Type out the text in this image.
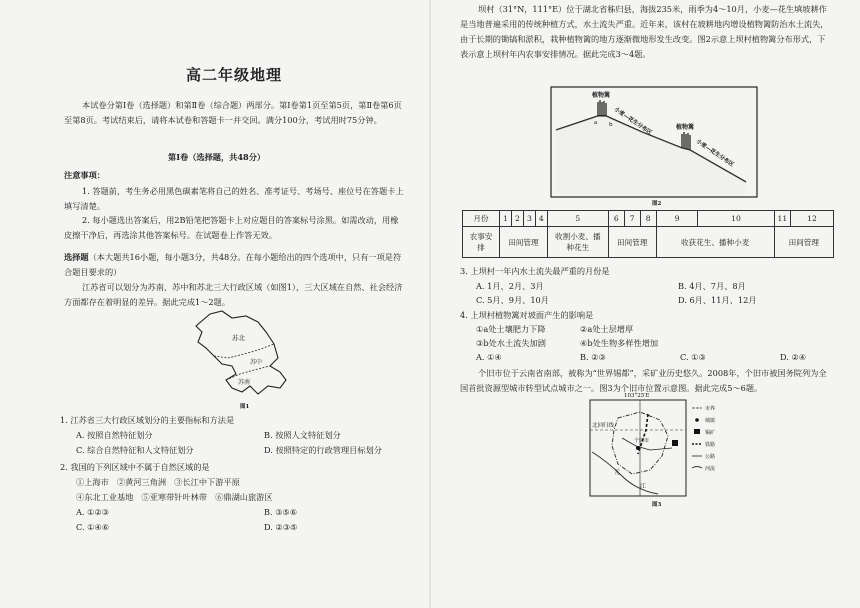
高二年级地理
本试卷分第Ⅰ卷（选择题）和第Ⅱ卷（综合题）两部分。第Ⅰ卷第1页至第5页，第Ⅱ卷第6页至第8页。考试结束后，请将本试卷和答题卡一并交回。满分100分，考试用时75分钟。
第Ⅰ卷（选择题，共48分）
注意事项：
1. 答题前，考生务必用黑色碳素笔将自己的姓名、准考证号、考场号、座位号在答题卡上填写清楚。
2. 每小题选出答案后，用2B铅笔把答题卡上对应题目的答案标号涂黑。如需改动，用橡皮擦干净后，再选涂其他答案标号。在试题卷上作答无效。
选择题（本大题共16小题，每小题3分，共48分。在每小题给出的四个选项中，只有一项是符合题目要求的）
江苏省可以划分为苏南、苏中和苏北三大行政区域（如图1），三大区域在自然、社会经济方面都存在着明显的差异。据此完成1～2题。
苏北
苏中
苏南
图1
1. 江苏省三大行政区域划分的主要指标和方法是
A. 按照自然特征划分	B. 按照人文特征划分
C. 综合自然特征和人文特征划分	D. 按照特定的行政管理目标划分
2. 我国的下列区域中不属于自然区域的是
①上海市　②黄河三角洲　③长江中下游平原
④东北工业基地　⑤亚寒带针叶林带　⑥鼎湖山旅游区
A. ①②③	B. ③⑤⑥
C. ①④⑥	D. ②③⑤
坝村（31°N，111°E）位于湖北省秭归县，海拔235米，雨季为4～10月，小麦—花生填坡耕作是当地普遍采用的传统种植方式，水土流失严重。近年来，该村在坡耕地内增设植物篱防治水土流失，由于长期的锄镐和淤积，栽种植物篱的地方逐渐微地形发生改变。图2示意上坝村植物篱分布形式，下表示意上坝村年内农事安排情况。据此完成3～4题。
植物篱
植物篱
a b 小麦—花生分布区
小麦—花生分布区
图2
月份	1	2	3	4	5	6	7	8	9	10	11	12
农事安排	田间管理				收割小麦、播种花生	田间管理			收获花生、播种小麦		田间管理	
3. 上坝村一年内水土流失最严重的月份是
A. 1月、2月、3月	B. 4月、7月、8月
C. 5月、9月、10月	D. 6月、11月、12月
4. 上坝村植物篱对坡面产生的影响是
①a处土壤肥力下降	②a处土层增厚
③b处水土流失加剧	④b处生物多样性增加
A. ①④	B. ②③	C. ①③	D. ②④
个旧市位于云南省南部，被称为“世界锡都”，采矿业历史悠久。2008年，个旧市被国务院列为全国首批资源型城市转型试点城市之一。图3为个旧市位置示意图。据此完成5～6题。
103°25′E
北回归线
个旧市
元
江
市界
城镇
锡矿
铁路
公路
河流
图3
